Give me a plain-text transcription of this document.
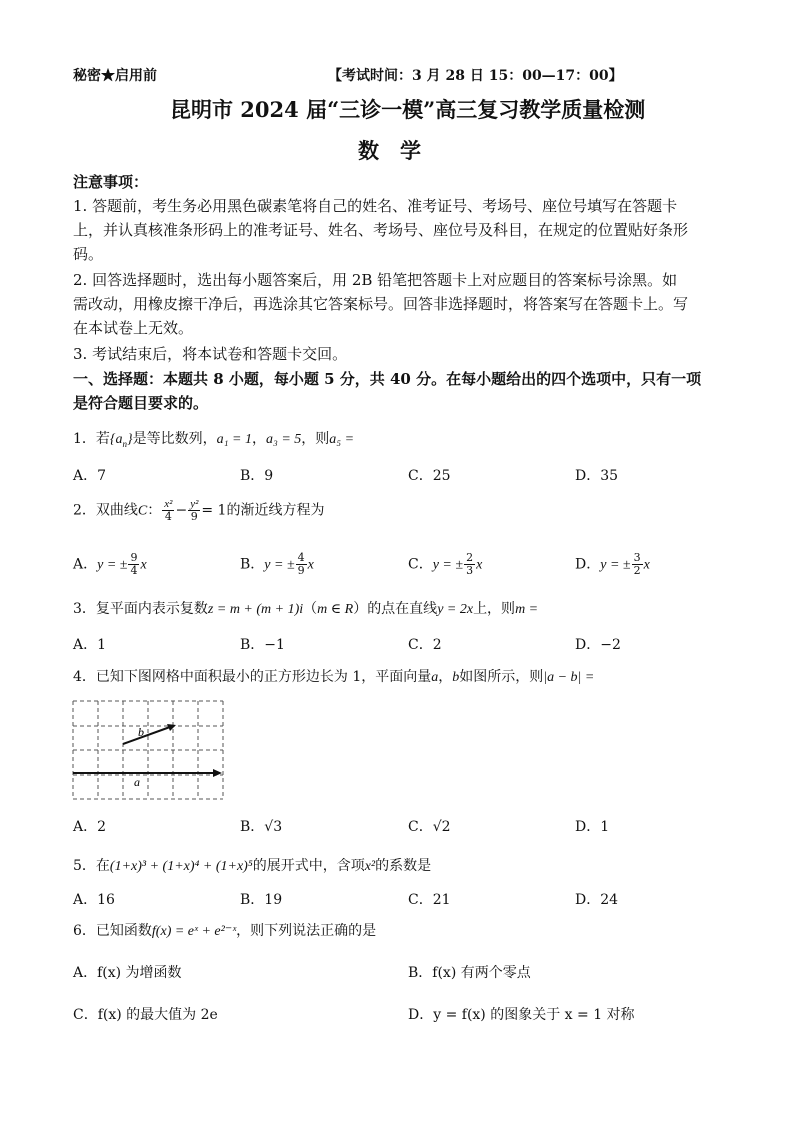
秘密★启用前	【考试时间：3 月 28 日 15：00—17：00】
昆明市 2024 届“三诊一模”高三复习教学质量检测
数　学
注意事项：
1. 答题前，考生务必用黑色碳素笔将自己的姓名、准考证号、考场号、座位号填写在答题卡
上，并认真核准条形码上的准考证号、姓名、考场号、座位号及科目，在规定的位置贴好条形
码。
2. 回答选择题时，选出每小题答案后，用 2B 铅笔把答题卡上对应题目的答案标号涂黑。如
需改动，用橡皮擦干净后，再选涂其它答案标号。回答非选择题时，将答案写在答题卡上。写
在本试卷上无效。
3. 考试结束后，将本试卷和答题卡交回。
一、选择题：本题共 8 小题，每小题 5 分，共 40 分。在每小题给出的四个选项中，只有一项
是符合题目要求的。
1．若$\{a_n\}$是等比数列，a₁ = 1，a₃ = 5，则a₅ =
A．7	B．9	C．25	D．35
2．双曲线C： $\frac{\text{x²}}{4} - \frac{\text{y²}}{9} = 1$的渐近线方程为
A．y = ± $\frac{9}{4}$ x	B．y = ± $\frac{4}{9}$ x	C．y = ± $\frac{2}{3}$ x	D．y = ± $\frac{3}{2}$ x
3．复平面内表示复数z = m + (m + 1)i（m ∈ R）的点在直线y = 2x上，则m =
A．1	B．−1	C．2	D．−2
4．已知下图网格中面积最小的正方形边长为 1，平面向量a，b如图所示，则|a − b| =
a
b
A．2	B．√3	C．√2	D．1
5．在(1+x)³ + (1+x)⁴ + (1+x)⁵的展开式中，含项x²的系数是
A．16	B．19	C．21	D．24
6．已知函数f(x) = eˣ + e²⁻ˣ，则下列说法正确的是
A．f(x) 为增函数	B．f(x) 有两个零点
C．f(x) 的最大值为 2e	D．y = f(x) 的图象关于 x = 1 对称
